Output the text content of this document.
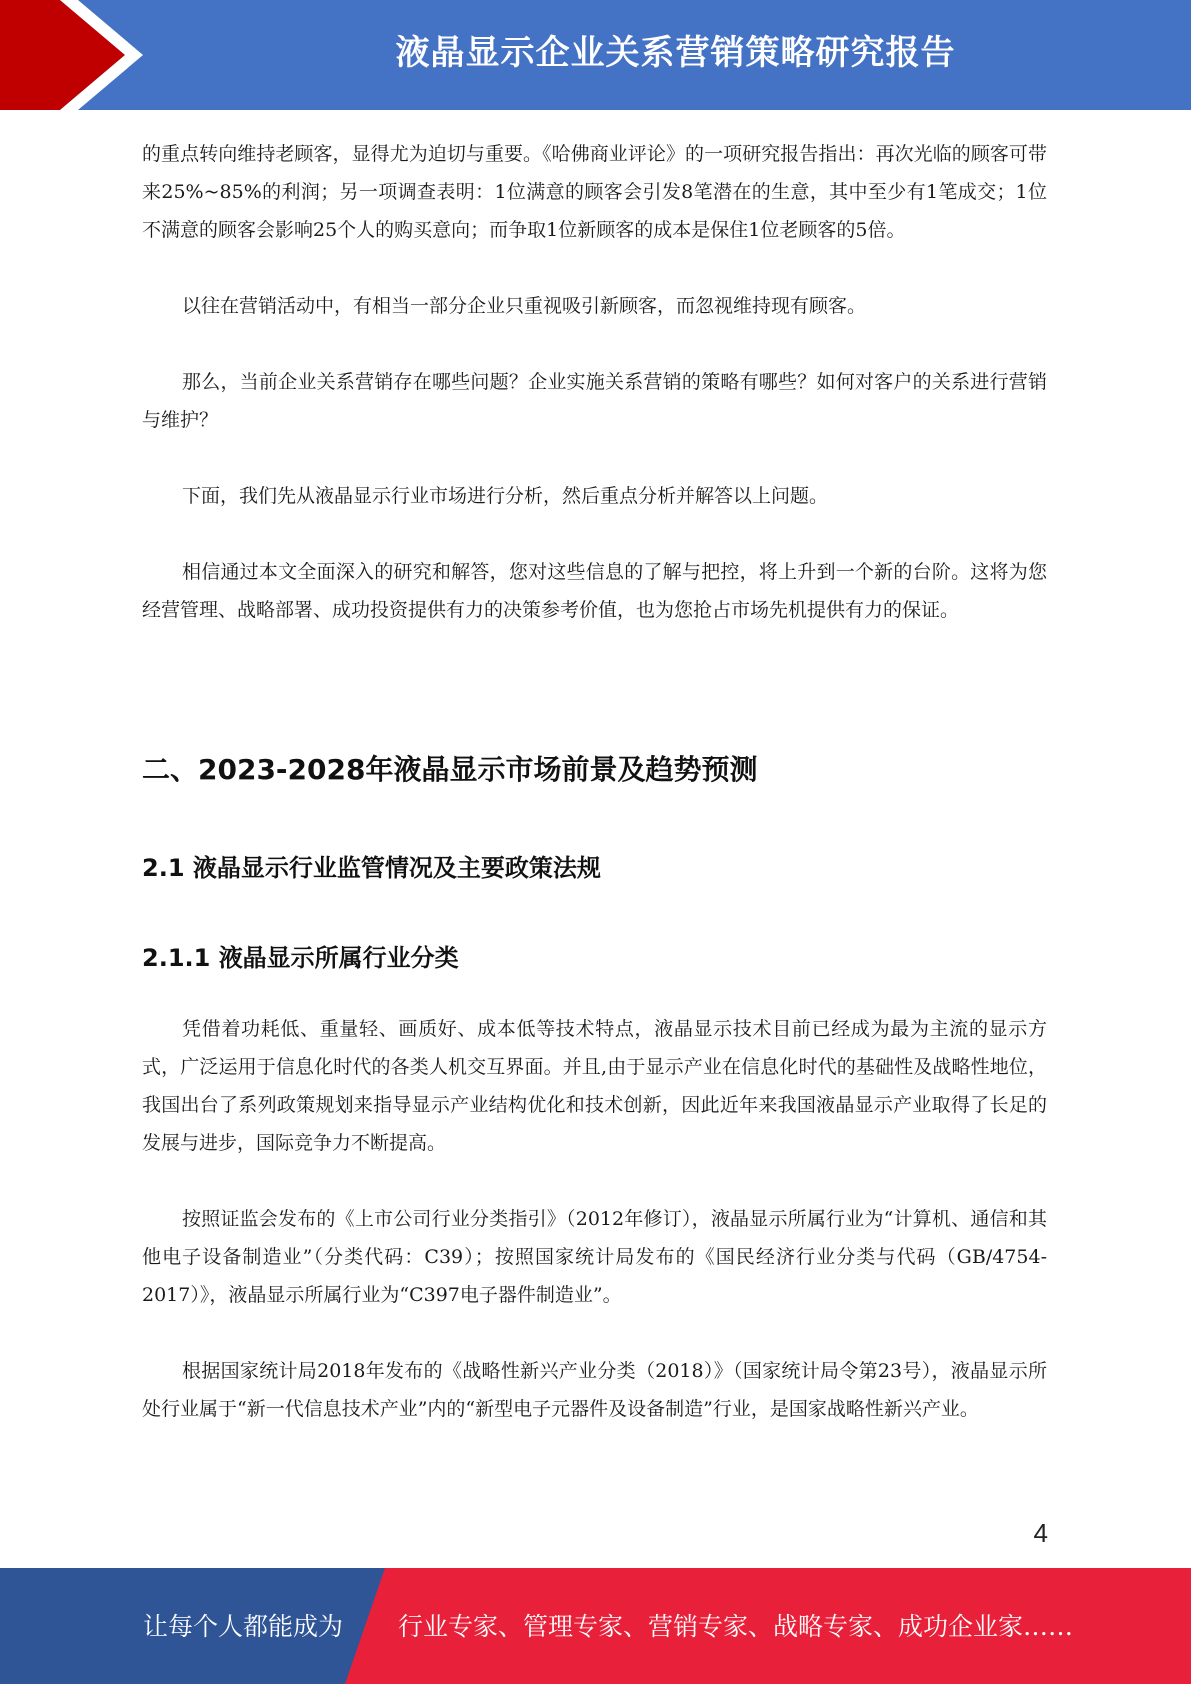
液晶显示企业关系营销策略研究报告

的重点转向维持老顾客，显得尤为迫切与重要。《哈佛商业评论》的一项研究报告指出：再次光临的顾客可带来25%~85%的利润；另一项调查表明：1位满意的顾客会引发8笔潜在的生意，其中至少有1笔成交；1位不满意的顾客会影响25个人的购买意向；而争取1位新顾客的成本是保住1位老顾客的5倍。

以往在营销活动中，有相当一部分企业只重视吸引新顾客，而忽视维持现有顾客。

那么，当前企业关系营销存在哪些问题？企业实施关系营销的策略有哪些？如何对客户的关系进行营销与维护？

下面，我们先从液晶显示行业市场进行分析，然后重点分析并解答以上问题。

相信通过本文全面深入的研究和解答，您对这些信息的了解与把控，将上升到一个新的台阶。这将为您经营管理、战略部署、成功投资提供有力的决策参考价值，也为您抢占市场先机提供有力的保证。

二、2023-2028年液晶显示市场前景及趋势预测
2.1 液晶显示行业监管情况及主要政策法规
2.1.1 液晶显示所属行业分类

凭借着功耗低、重量轻、画质好、成本低等技术特点，液晶显示技术目前已经成为最为主流的显示方式，广泛运用于信息化时代的各类人机交互界面。并且,由于显示产业在信息化时代的基础性及战略性地位，我国出台了系列政策规划来指导显示产业结构优化和技术创新，因此近年来我国液晶显示产业取得了长足的发展与进步，国际竞争力不断提高。

按照证监会发布的《上市公司行业分类指引》（2012年修订），液晶显示所属行业为“计算机、通信和其他电子设备制造业”（分类代码：C39）；按照国家统计局发布的《国民经济行业分类与代码（GB/4754-2017）》，液晶显示所属行业为“C397电子器件制造业”。

根据国家统计局2018年发布的《战略性新兴产业分类（2018）》（国家统计局令第23号），液晶显示所处行业属于“新一代信息技术产业”内的“新型电子元器件及设备制造”行业，是国家战略性新兴产业。

4
让每个人都能成为 行业专家、管理专家、营销专家、战略专家、成功企业家……
